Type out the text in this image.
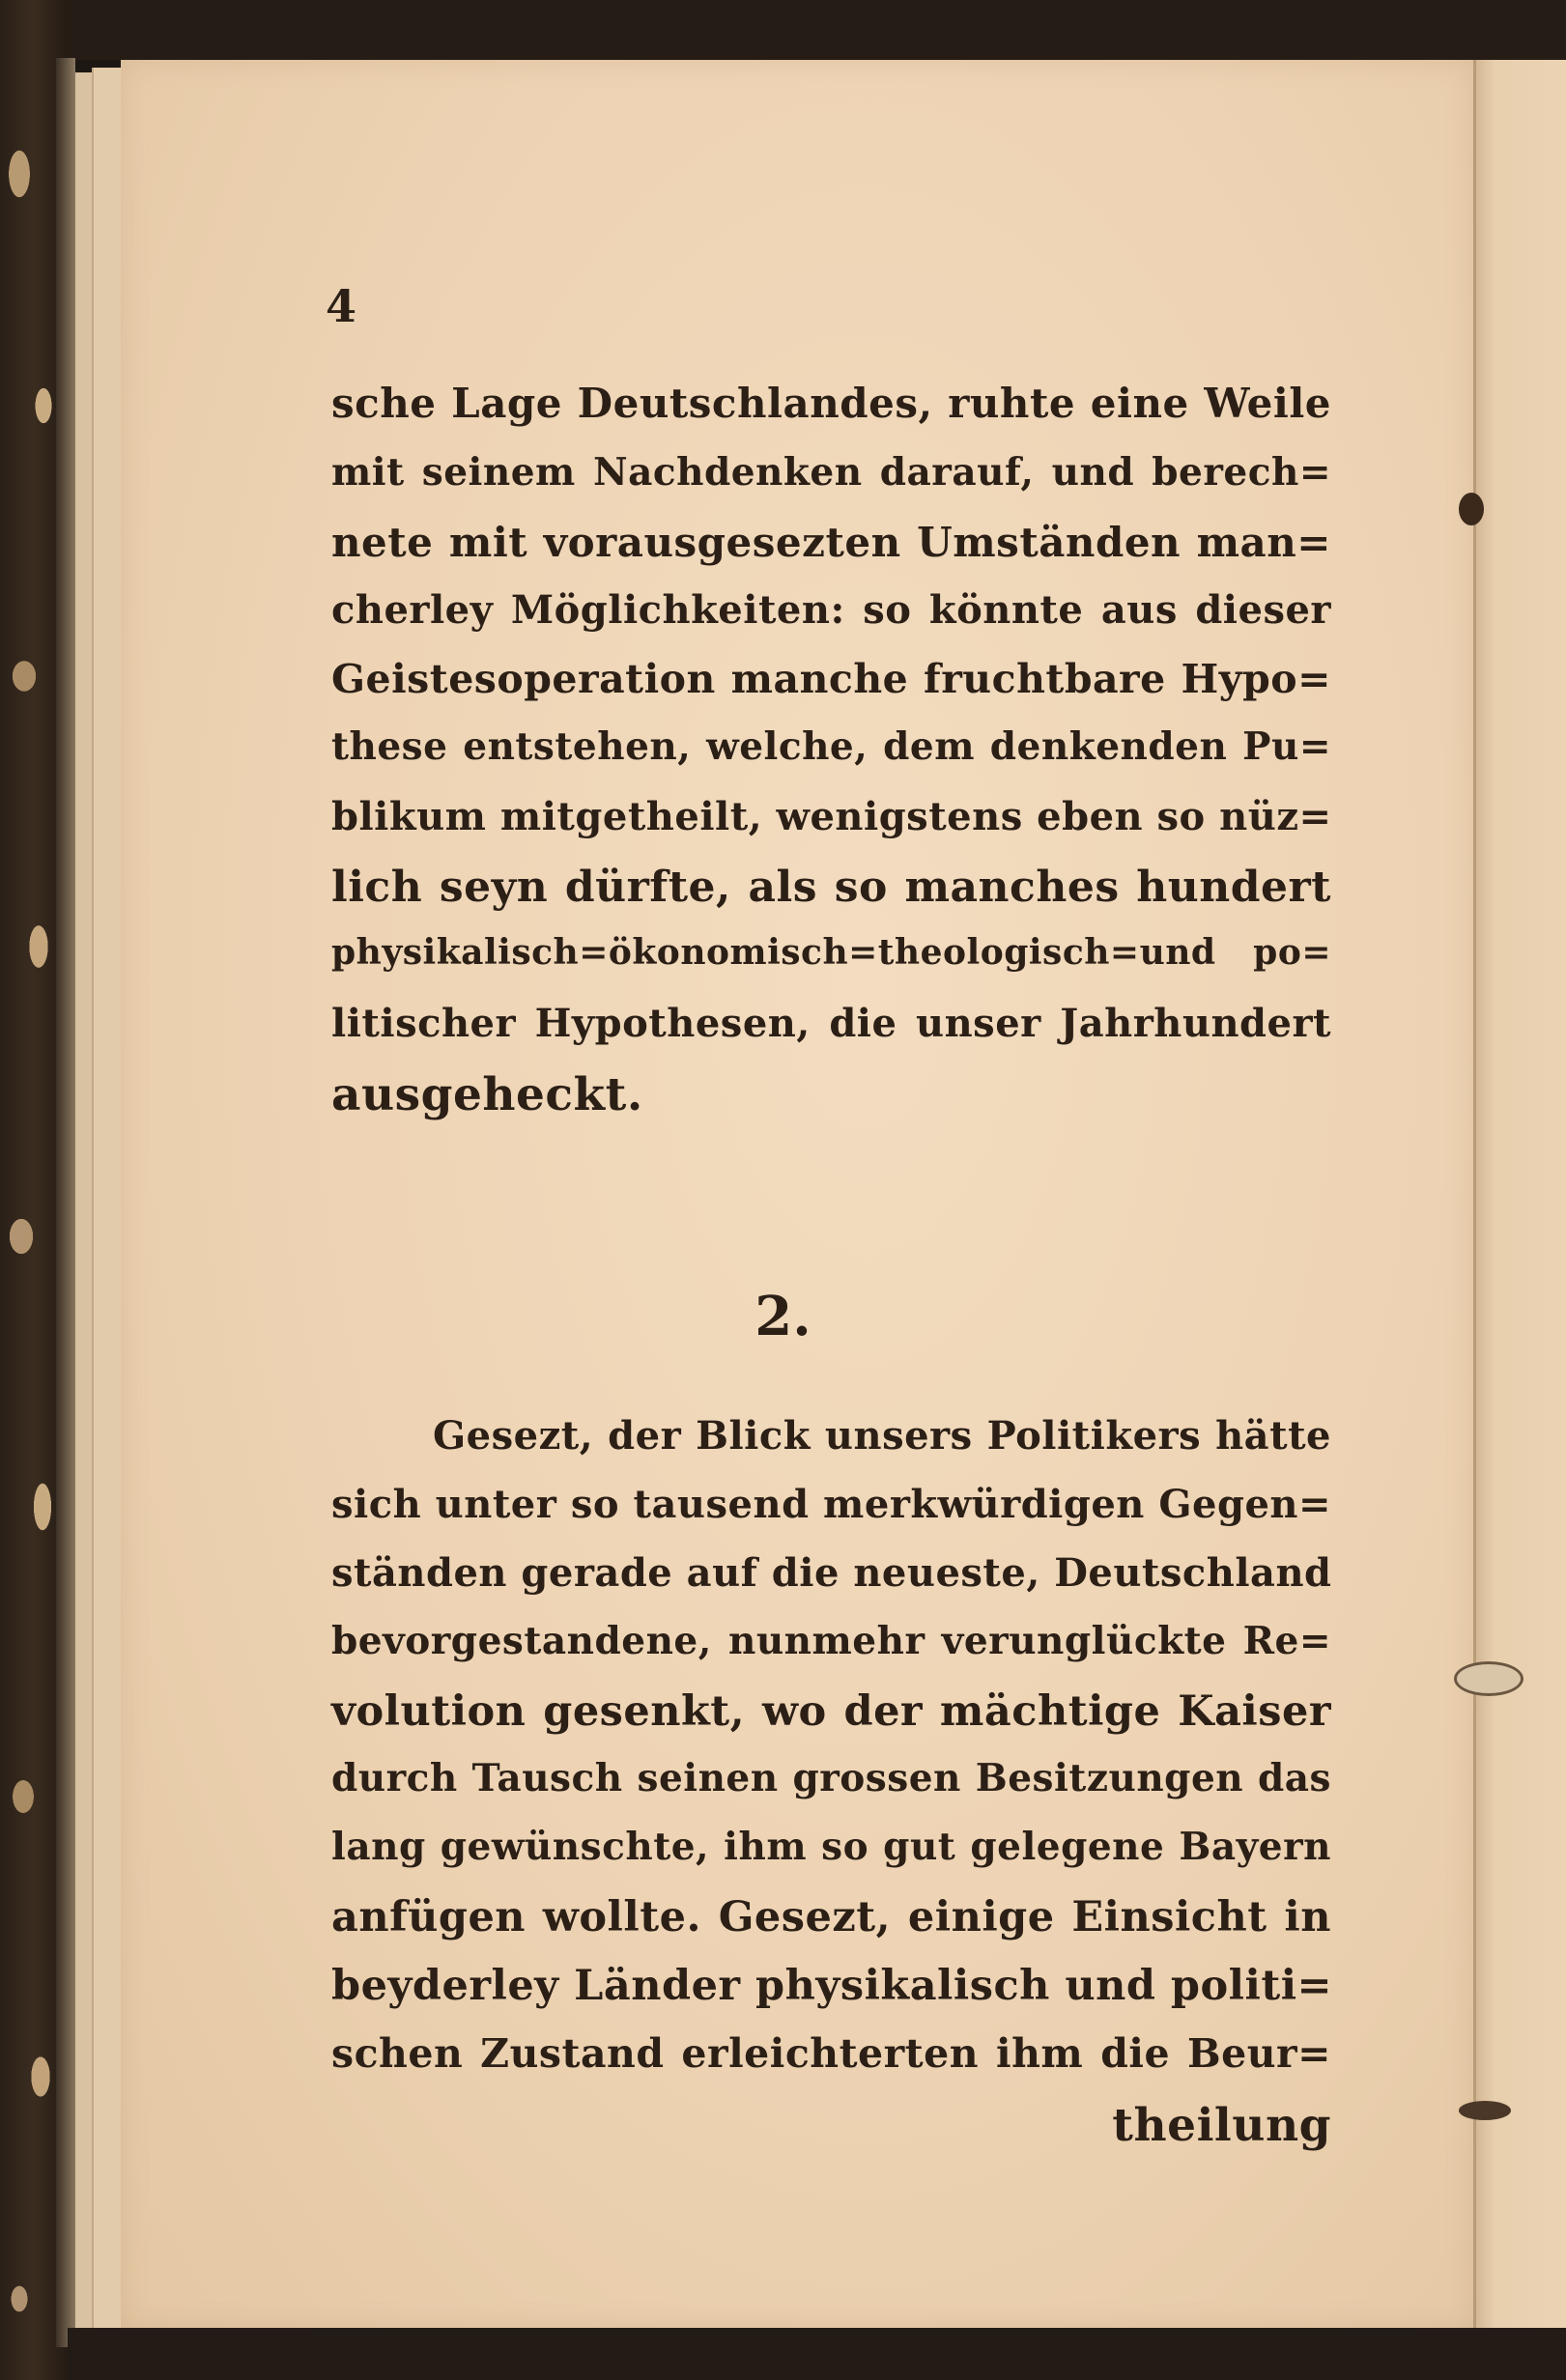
4
sche Lage Deutschlandes, ruhte eine Weile
mit seinem Nachdenken darauf, und berech=
nete mit vorausgesezten Umständen man=
cherley Möglichkeiten: so könnte aus dieser
Geistesoperation manche fruchtbare Hypo=
these entstehen, welche, dem denkenden Pu=
blikum mitgetheilt, wenigstens eben so nüz=
lich seyn dürfte, als so manches hundert
physikalisch=ökonomisch=theologisch=und po=
litischer Hypothesen, die unser Jahrhundert
ausgeheckt.
2.
Gesezt, der Blick unsers Politikers hätte
sich unter so tausend merkwürdigen Gegen=
ständen gerade auf die neueste, Deutschland
bevorgestandene, nunmehr verunglückte Re=
volution gesenkt, wo der mächtige Kaiser
durch Tausch seinen grossen Besitzungen das
lang gewünschte, ihm so gut gelegene Bayern
anfügen wollte. Gesezt, einige Einsicht in
beyderley Länder physikalisch und politi=
schen Zustand erleichterten ihm die Beur=
theilung
